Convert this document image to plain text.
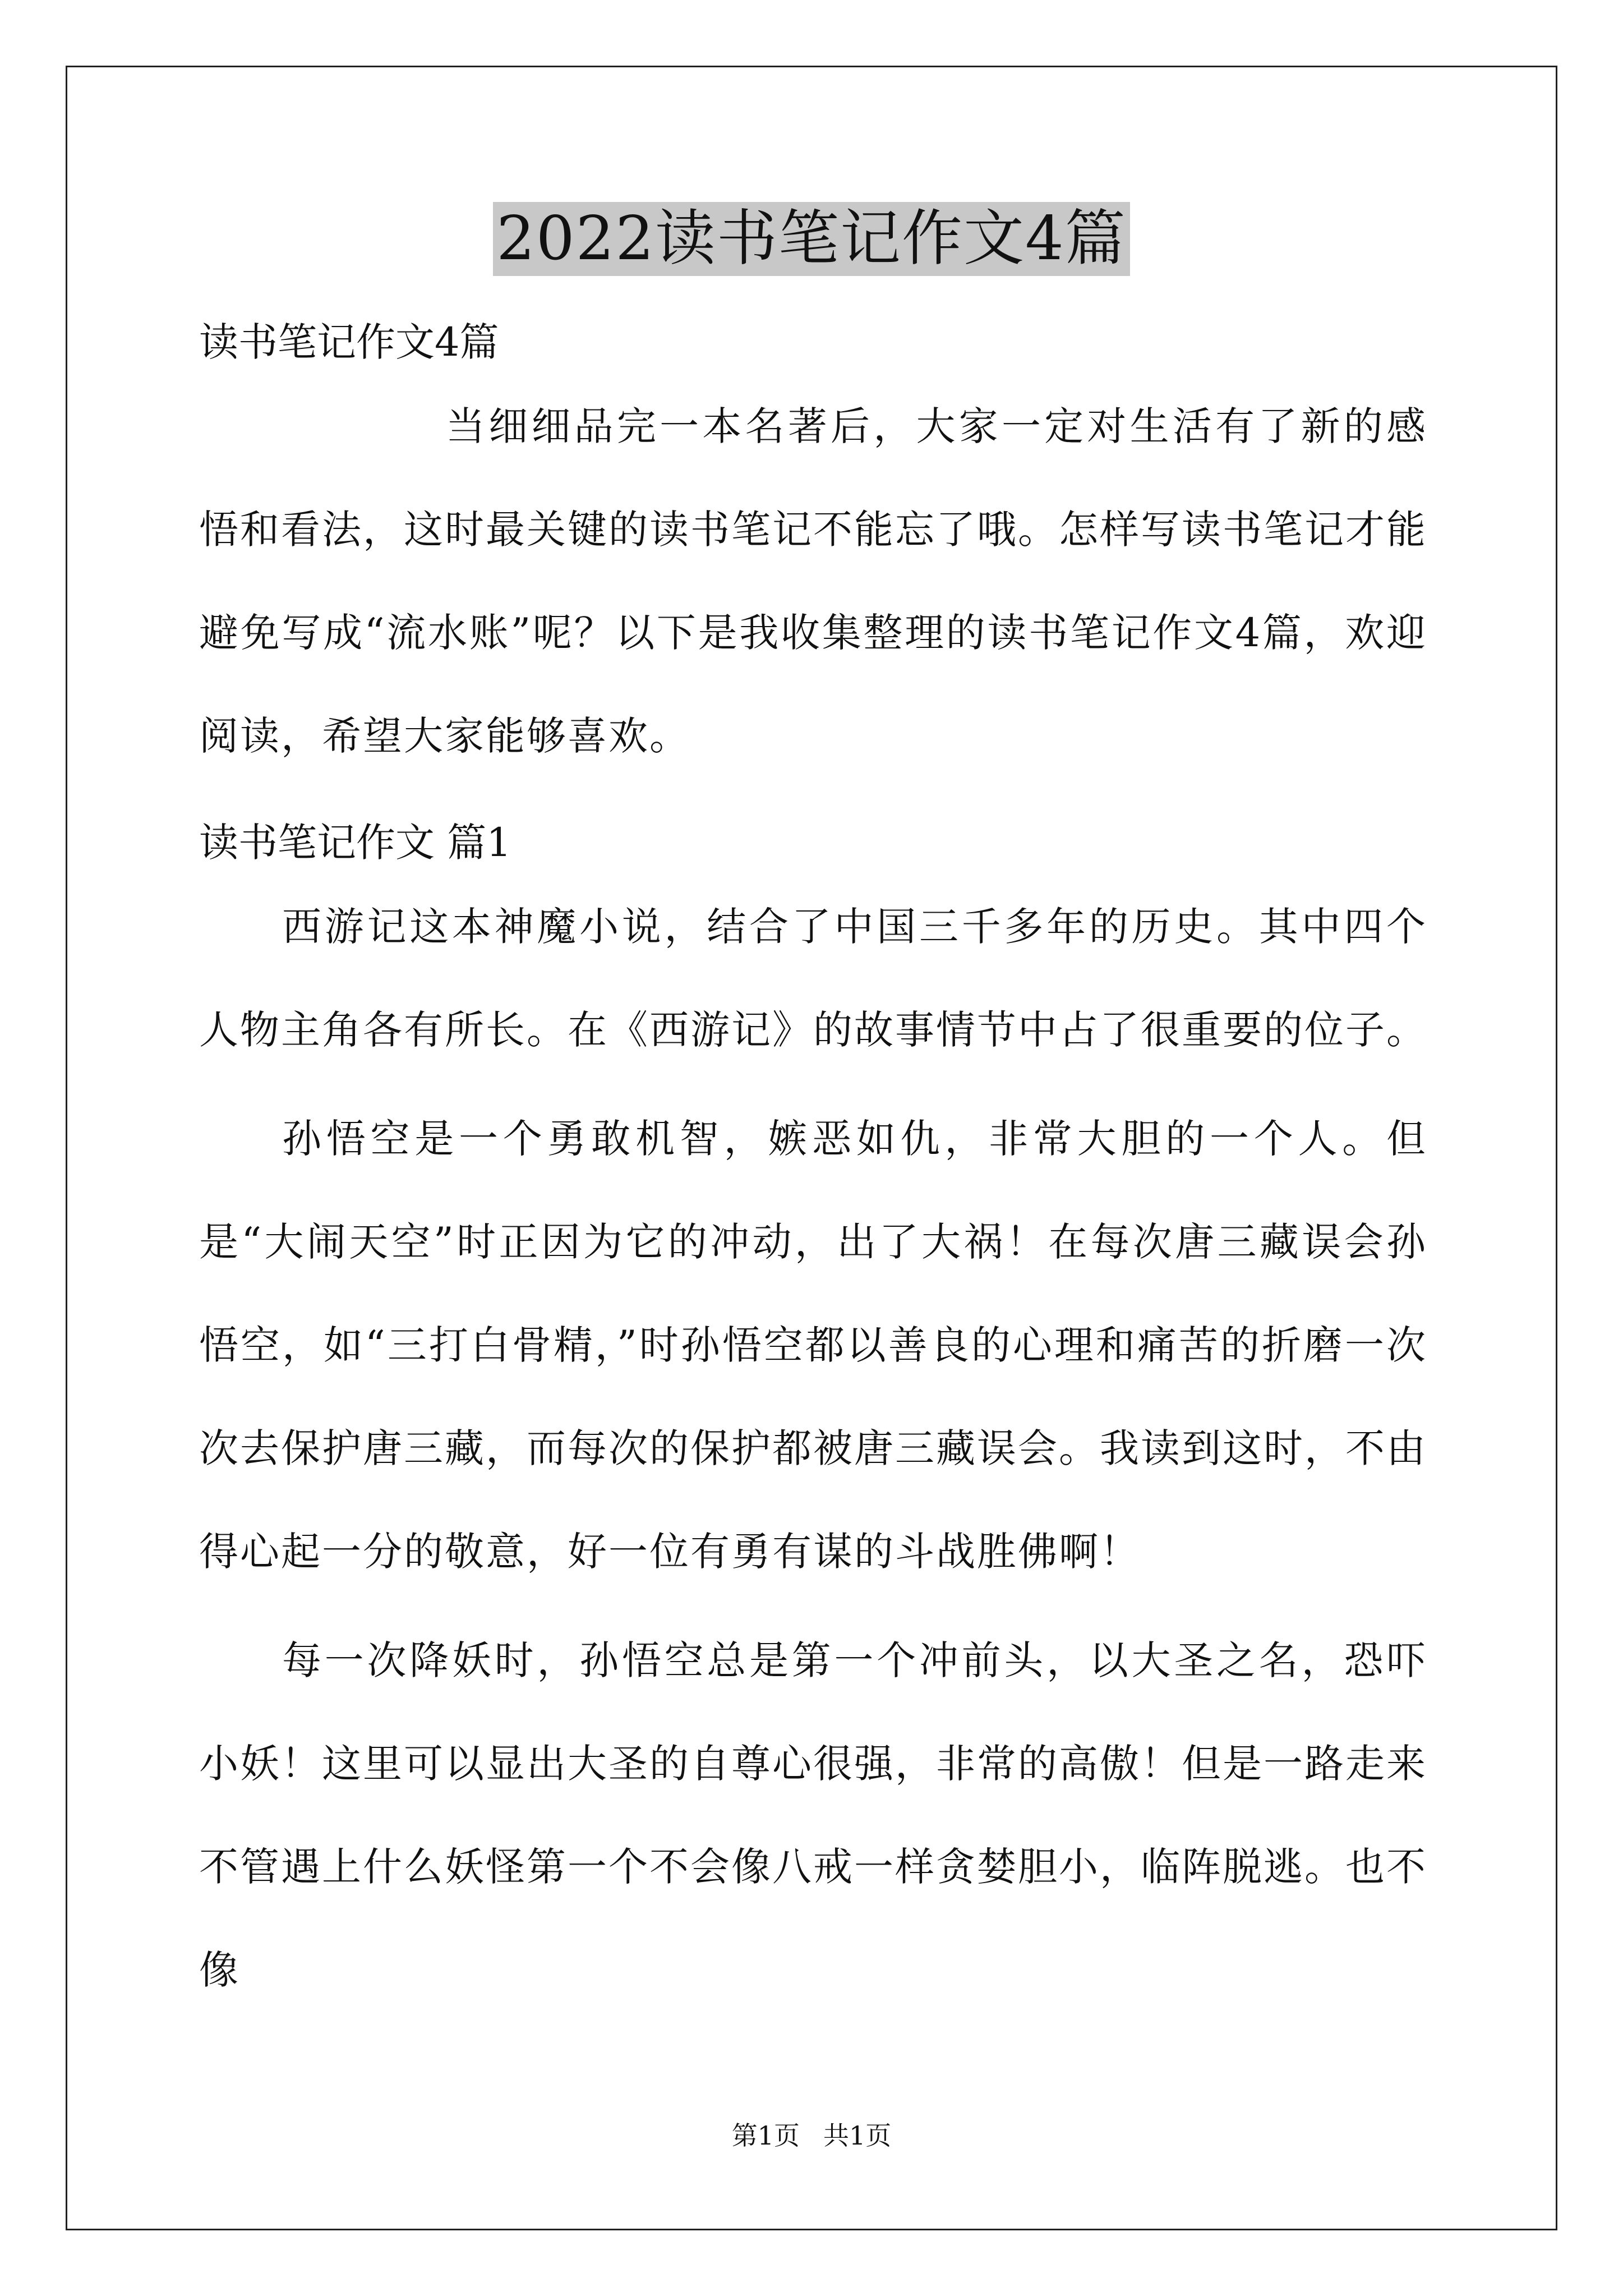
2022读书笔记作文4篇

读书笔记作文4篇

当细细品完一本名著后，大家一定对生活有了新的感悟和看法，这时最关键的读书笔记不能忘了哦。怎样写读书笔记才能避免写成“流水账”呢？以下是我收集整理的读书笔记作文4篇，欢迎阅读，希望大家能够喜欢。

读书笔记作文 篇1

西游记这本神魔小说，结合了中国三千多年的历史。其中四个人物主角各有所长。在《西游记》的故事情节中占了很重要的位子。

孙悟空是一个勇敢机智，嫉恶如仇，非常大胆的一个人。但是“大闹天空”时正因为它的冲动，出了大祸！在每次唐三藏误会孙悟空，如“三打白骨精，”时孙悟空都以善良的心理和痛苦的折磨一次次去保护唐三藏，而每次的保护都被唐三藏误会。我读到这时，不由得心起一分的敬意，好一位有勇有谋的斗战胜佛啊！

每一次降妖时，孙悟空总是第一个冲前头，以大圣之名，恐吓小妖！这里可以显出大圣的自尊心很强，非常的高傲！但是一路走来不管遇上什么妖怪第一个不会像八戒一样贪婪胆小，临阵脱逃。也不像

第1页 共1页
